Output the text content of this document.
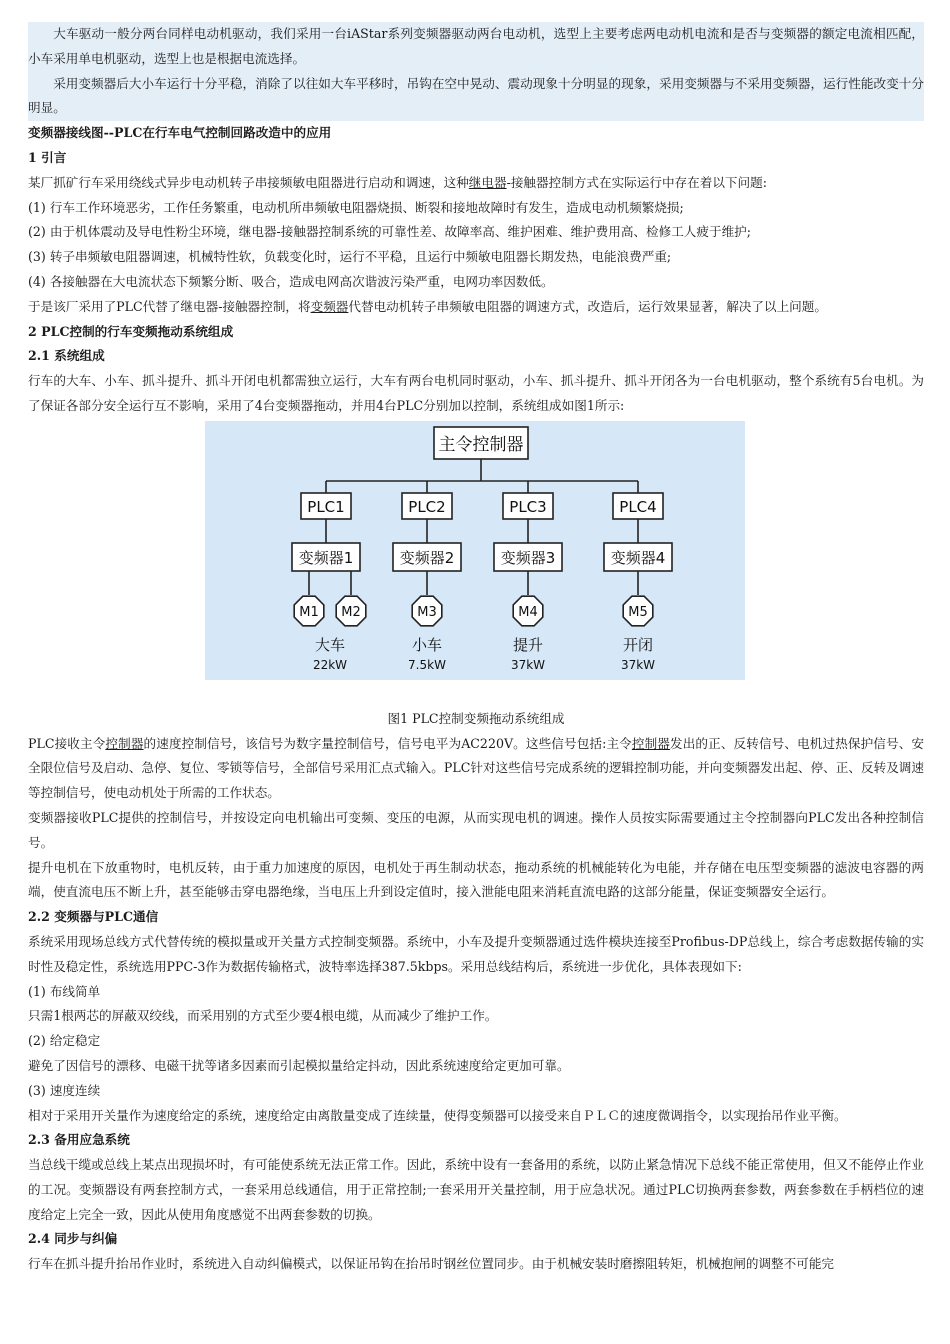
大车驱动一般分两台同样电动机驱动，我们采用一台iAStar系列变频器驱动两台电动机，选型上主要考虑两电动机电流和是否与变频器的额定电流相匹配，小车采用单电机驱动，选型上也是根据电流选择。

采用变频器后大小车运行十分平稳，消除了以往如大车平移时，吊钩在空中晃动、震动现象十分明显的现象，采用变频器与不采用变频器，运行性能改变十分明显。

变频器接线图--PLC在行车电气控制回路改造中的应用

1 引言

某厂抓矿行车采用绕线式异步电动机转子串接频敏电阻器进行启动和调速，这种继电器-接触器控制方式在实际运行中存在着以下问题:

(1) 行车工作环境恶劣，工作任务繁重，电动机所串频敏电阻器烧损、断裂和接地故障时有发生，造成电动机频繁烧损;

(2) 由于机体震动及导电性粉尘环境，继电器-接触器控制系统的可靠性差、故障率高、维护困难、维护费用高、检修工人疲于维护;

(3) 转子串频敏电阻器调速，机械特性软，负载变化时，运行不平稳，且运行中频敏电阻器长期发热，电能浪费严重;

(4) 各接触器在大电流状态下频繁分断、吸合，造成电网高次谐波污染严重，电网功率因数低。

于是该厂采用了PLC代替了继电器-接触器控制，将变频器代替电动机转子串频敏电阻器的调速方式，改造后，运行效果显著，解决了以上问题。

2 PLC控制的行车变频拖动系统组成

2.1 系统组成

行车的大车、小车、抓斗提升、抓斗开闭电机都需独立运行，大车有两台电机同时驱动，小车、抓斗提升、抓斗开闭各为一台电机驱动，整个系统有5台电机。为了保证各部分安全运行互不影响，采用了4台变频器拖动，并用4台PLC分别加以控制，系统组成如图1所示:

主令控制器
PLC1	PLC2	PLC3	PLC4
变频器1	变频器2	变频器3	变频器4
M1 M2	M3	M4	M5
大车
22kW
小车
7.5kW
提升
37kW
开闭
37kW

图1 PLC控制变频拖动系统组成

PLC接收主令控制器的速度控制信号，该信号为数字量控制信号，信号电平为AC220V。这些信号包括:主令控制器发出的正、反转信号、电机过热保护信号、安全限位信号及启动、急停、复位、零锁等信号，全部信号采用汇点式输入。PLC针对这些信号完成系统的逻辑控制功能，并向变频器发出起、停、正、反转及调速等控制信号，使电动机处于所需的工作状态。

变频器接收PLC提供的控制信号，并按设定向电机输出可变频、变压的电源，从而实现电机的调速。操作人员按实际需要通过主令控制器向PLC发出各种控制信号。

提升电机在下放重物时，电机反转，由于重力加速度的原因，电机处于再生制动状态，拖动系统的机械能转化为电能，并存储在电压型变频器的滤波电容器的两端，使直流电压不断上升，甚至能够击穿电器绝缘，当电压上升到设定值时，接入泄能电阻来消耗直流电路的这部分能量，保证变频器安全运行。

2.2 变频器与PLC通信

系统采用现场总线方式代替传统的模拟量或开关量方式控制变频器。系统中，小车及提升变频器通过选件模块连接至Profibus-DP总线上，综合考虑数据传输的实时性及稳定性，系统选用PPC-3作为数据传输格式，波特率选择387.5kbps。采用总线结构后，系统进一步优化，具体表现如下:

(1) 布线简单

只需1根两芯的屏蔽双绞线，而采用别的方式至少要4根电缆，从而减少了维护工作。

(2) 给定稳定

避免了因信号的漂移、电磁干扰等诸多因素而引起模拟量给定抖动，因此系统速度给定更加可靠。

(3) 速度连续

相对于采用开关量作为速度给定的系统，速度给定由离散量变成了连续量，使得变频器可以接受来自ＰＬＣ的速度微调指令，以实现抬吊作业平衡。

2.3 备用应急系统

当总线干缆或总线上某点出现损坏时，有可能使系统无法正常工作。因此，系统中设有一套备用的系统，以防止紧急情况下总线不能正常使用，但又不能停止作业的工况。变频器设有两套控制方式，一套采用总线通信，用于正常控制;一套采用开关量控制，用于应急状况。通过PLC切换两套参数，两套参数在手柄档位的速度给定上完全一致，因此从使用角度感觉不出两套参数的切换。

2.4 同步与纠偏

行车在抓斗提升抬吊作业时，系统进入自动纠偏模式，以保证吊钩在抬吊时钢丝位置同步。由于机械安装时磨擦阻转矩，机械抱闸的调整不可能完
